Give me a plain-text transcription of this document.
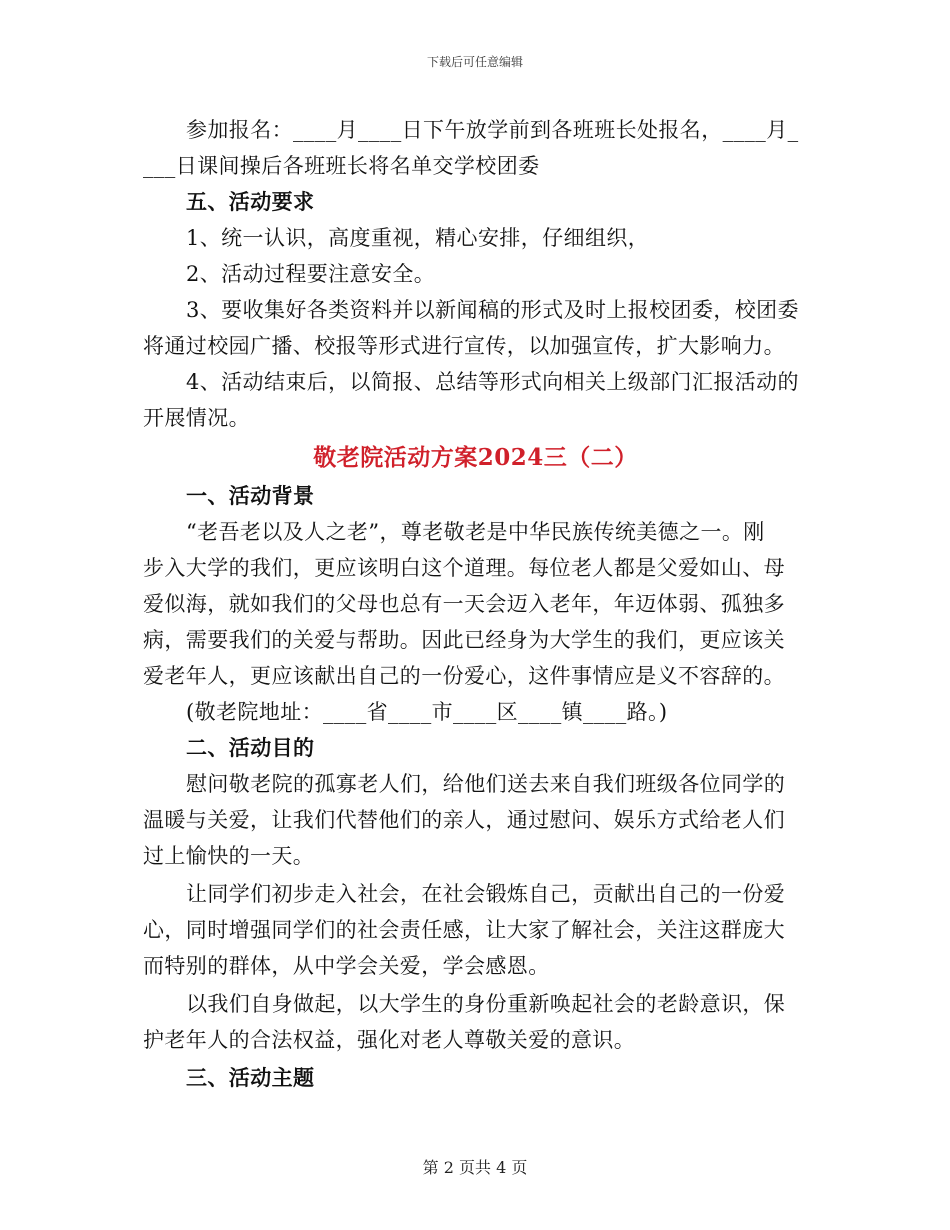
下载后可任意编辑
参加报名：____月____日下午放学前到各班班长处报名，____月_
___日课间操后各班班长将名单交学校团委
五、活动要求
1、统一认识，高度重视，精心安排，仔细组织，
2、活动过程要注意安全。
3、要收集好各类资料并以新闻稿的形式及时上报校团委，校团委
将通过校园广播、校报等形式进行宣传，以加强宣传，扩大影响力。
4、活动结束后，以简报、总结等形式向相关上级部门汇报活动的
开展情况。
敬老院活动方案2024三（二）
一、活动背景
“老吾老以及人之老”，尊老敬老是中华民族传统美德之一。刚
步入大学的我们，更应该明白这个道理。每位老人都是父爱如山、母
爱似海，就如我们的父母也总有一天会迈入老年，年迈体弱、孤独多
病，需要我们的关爱与帮助。因此已经身为大学生的我们，更应该关
爱老年人，更应该献出自己的一份爱心，这件事情应是义不容辞的。
(敬老院地址：____省____市____区____镇____路。)
二、活动目的
慰问敬老院的孤寡老人们，给他们送去来自我们班级各位同学的
温暖与关爱，让我们代替他们的亲人，通过慰问、娱乐方式给老人们
过上愉快的一天。
让同学们初步走入社会，在社会锻炼自己，贡献出自己的一份爱
心，同时增强同学们的社会责任感，让大家了解社会，关注这群庞大
而特别的群体，从中学会关爱，学会感恩。
以我们自身做起，以大学生的身份重新唤起社会的老龄意识，保
护老年人的合法权益，强化对老人尊敬关爱的意识。
三、活动主题
第 2 页共 4 页
